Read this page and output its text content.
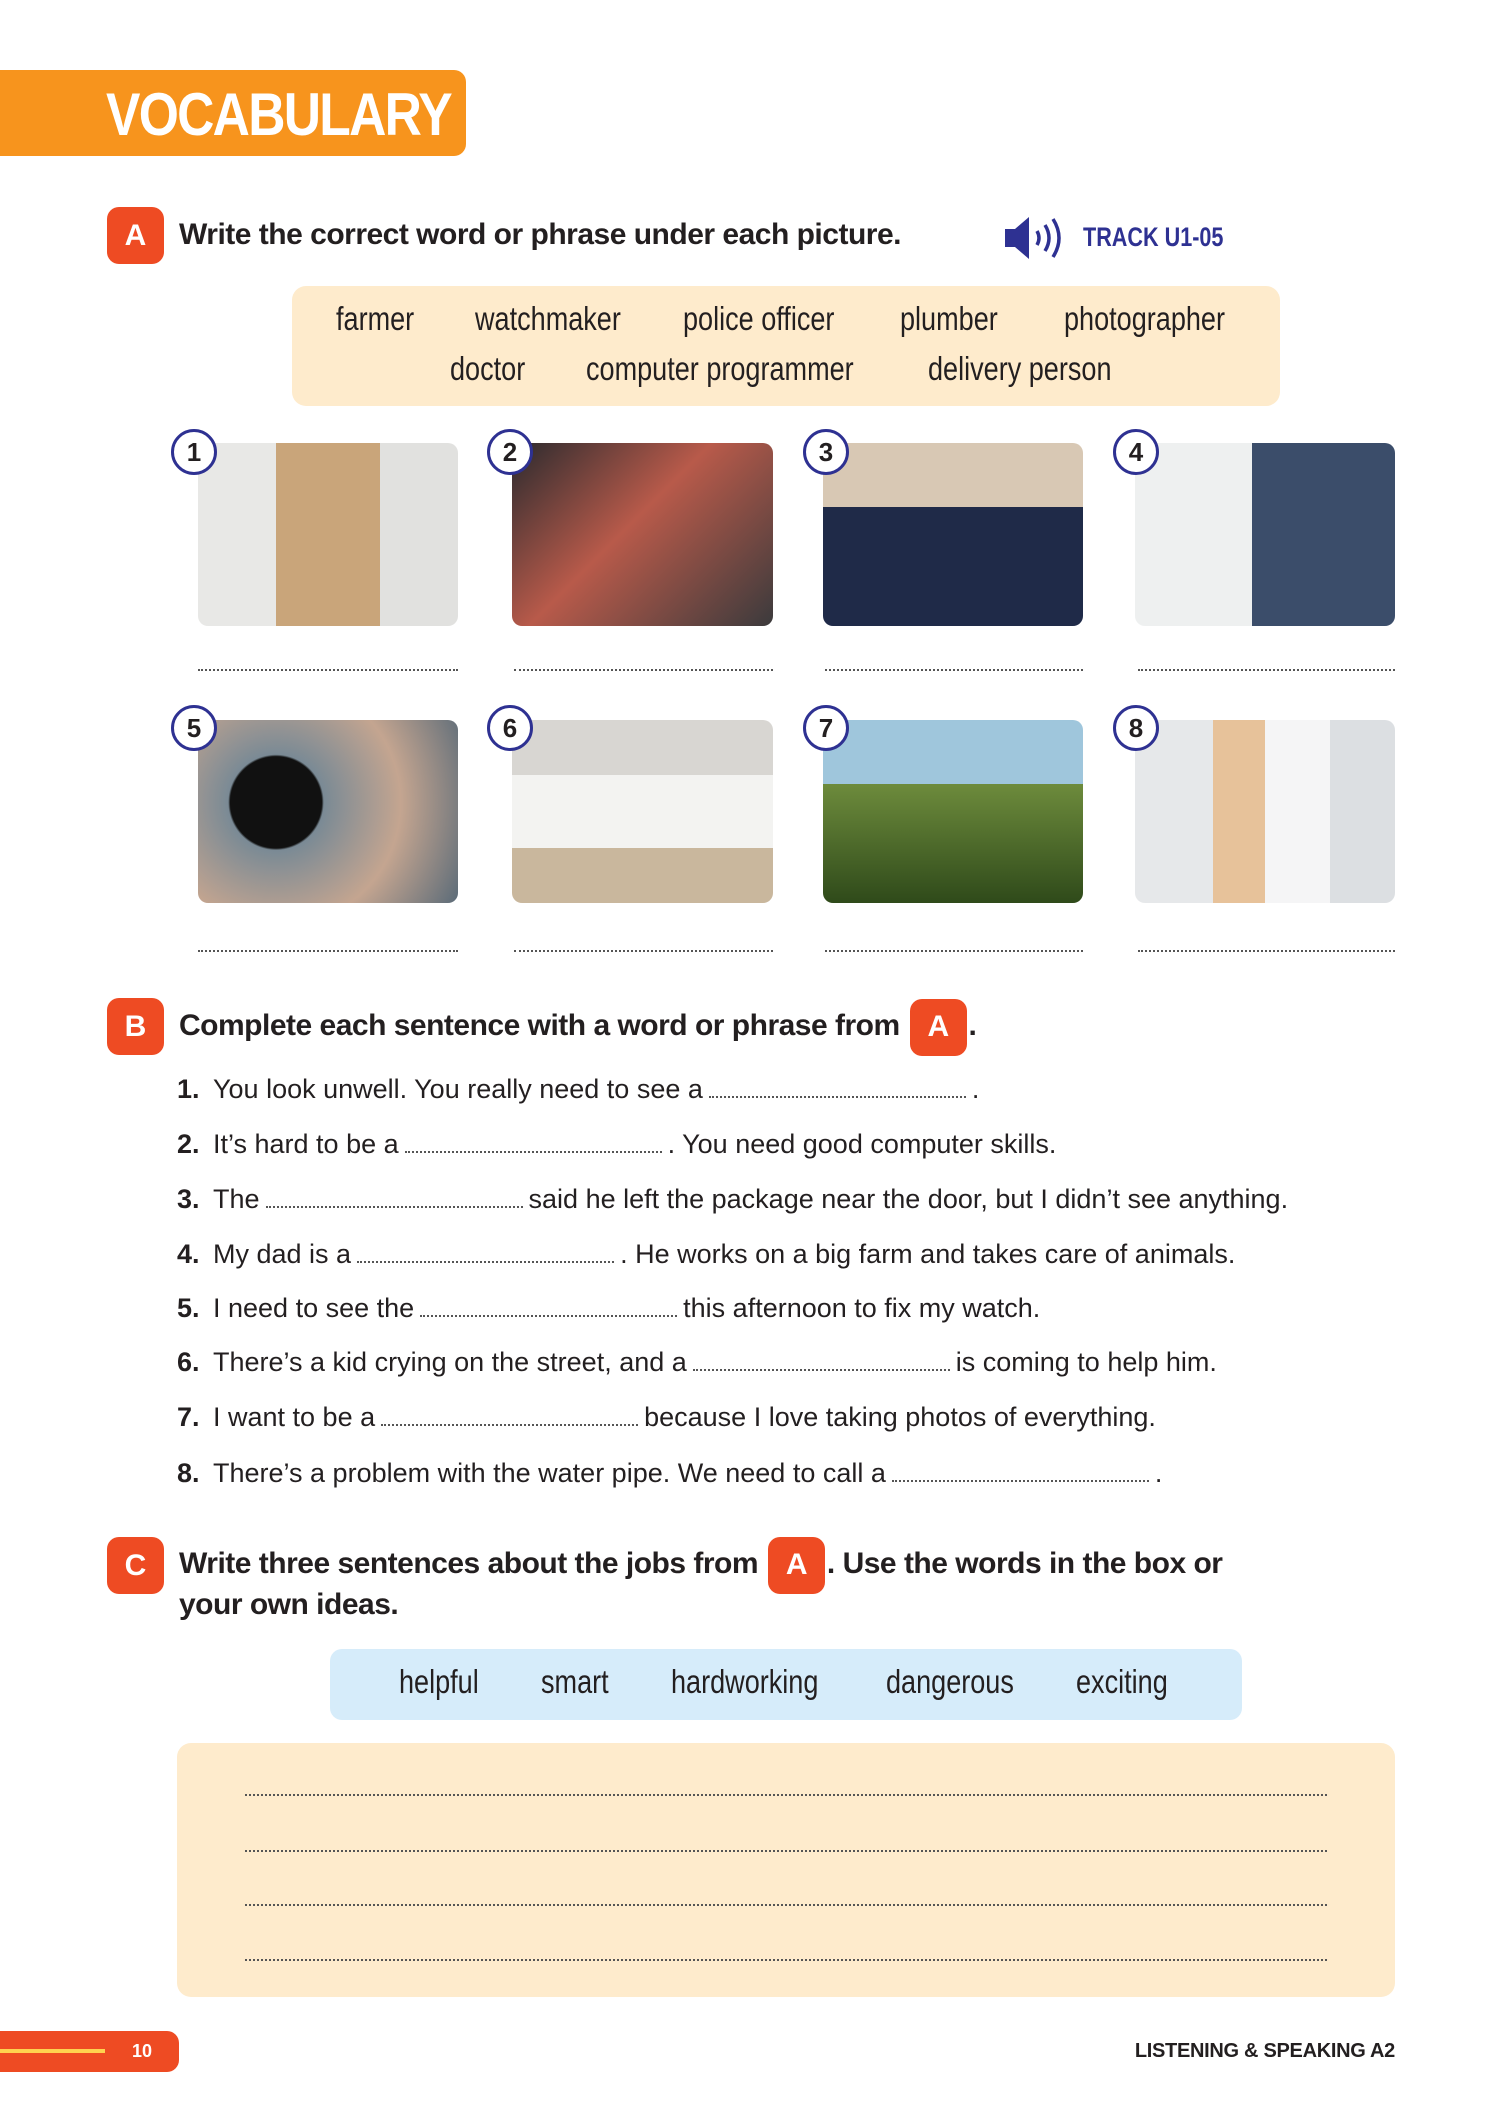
VOCABULARY
A	Write the correct word or phrase under each picture.	TRACK U1-05
farmer watchmaker police officer plumber photographer
doctor computer programmer delivery person
1	2	3	4
5	6	7	8
B	Complete each sentence with a word or phrase from A .
1. You look unwell. You really need to see a	.
2. It’s hard to be a	. You need good computer skills.
3. The	said he left the package near the door, but I didn’t see anything.
4. My dad is a	. He works on a big farm and takes care of animals.
5. I need to see the	this afternoon to fix my watch.
6. There’s a kid crying on the street, and a	is coming to help him.
7. I want to be a	because I love taking photos of everything.
8. There’s a problem with the water pipe. We need to call a	.
C	Write three sentences about the jobs from A . Use the words in the box or
your own ideas.
helpful smart hardworking dangerous exciting
10	LISTENING & SPEAKING A2
